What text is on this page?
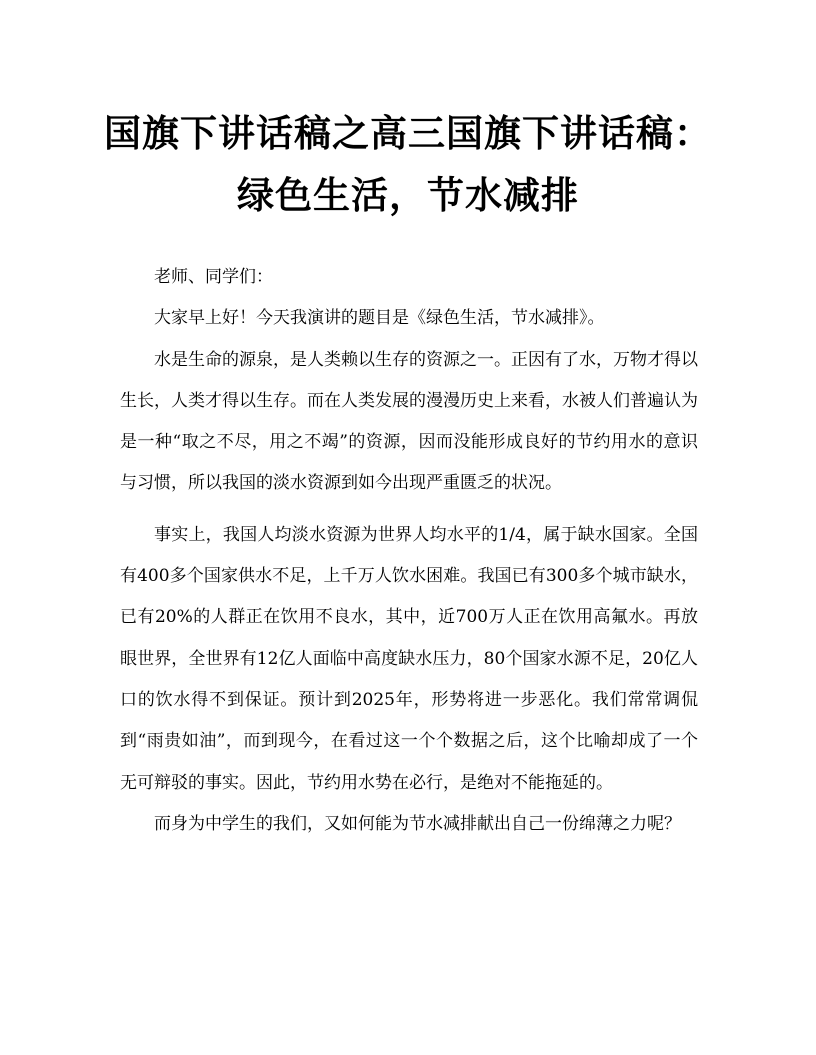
国旗下讲话稿之高三国旗下讲话稿：绿色生活，节水减排

老师、同学们：

大家早上好！今天我演讲的题目是《绿色生活，节水减排》。

水是生命的源泉，是人类赖以生存的资源之一。正因有了水，万物才得以生长，人类才得以生存。而在人类发展的漫漫历史上来看，水被人们普遍认为是一种“取之不尽，用之不竭”的资源，因而没能形成良好的节约用水的意识与习惯，所以我国的淡水资源到如今出现严重匮乏的状况。

事实上，我国人均淡水资源为世界人均水平的1/4，属于缺水国家。全国有400多个国家供水不足，上千万人饮水困难。我国已有300多个城市缺水，已有20%的人群正在饮用不良水，其中，近700万人正在饮用高氟水。再放眼世界，全世界有12亿人面临中高度缺水压力，80个国家水源不足，20亿人口的饮水得不到保证。预计到2025年，形势将进一步恶化。我们常常调侃到“雨贵如油”，而到现今，在看过这一个个数据之后，这个比喻却成了一个无可辩驳的事实。因此，节约用水势在必行，是绝对不能拖延的。

而身为中学生的我们，又如何能为节水减排献出自己一份绵薄之力呢？
